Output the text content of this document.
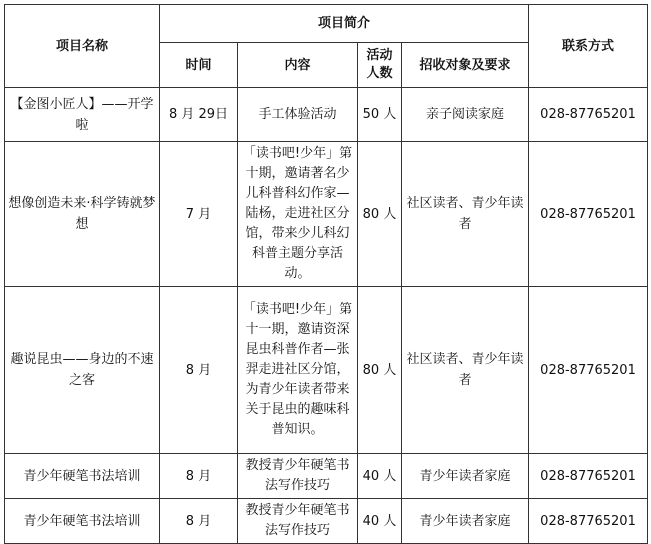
项目名称	项目简介				联系方式
	时间	内容	活动人数	招收对象及要求	
【金图小匠人】——开学啦	8 月 29日	手工体验活动	50 人	亲子阅读家庭	028-87765201
想像创造未来·科学铸就梦想	7 月	「读书吧!少年」第十期，邀请著名少儿科普科幻作家—陆杨，走进社区分馆，带来少儿科幻科普主题分享活动。	80 人	社区读者、青少年读者	028-87765201
趣说昆虫——身边的不速之客	8 月	「读书吧!少年」第十一期，邀请资深昆虫科普作者—张羿走进社区分馆，为青少年读者带来关于昆虫的趣味科普知识。	80 人	社区读者、青少年读者	028-87765201
青少年硬笔书法培训	8 月	教授青少年硬笔书法写作技巧	40 人	青少年读者家庭	028-87765201
青少年硬笔书法培训	8 月	教授青少年硬笔书法写作技巧	40 人	青少年读者家庭	028-87765201
